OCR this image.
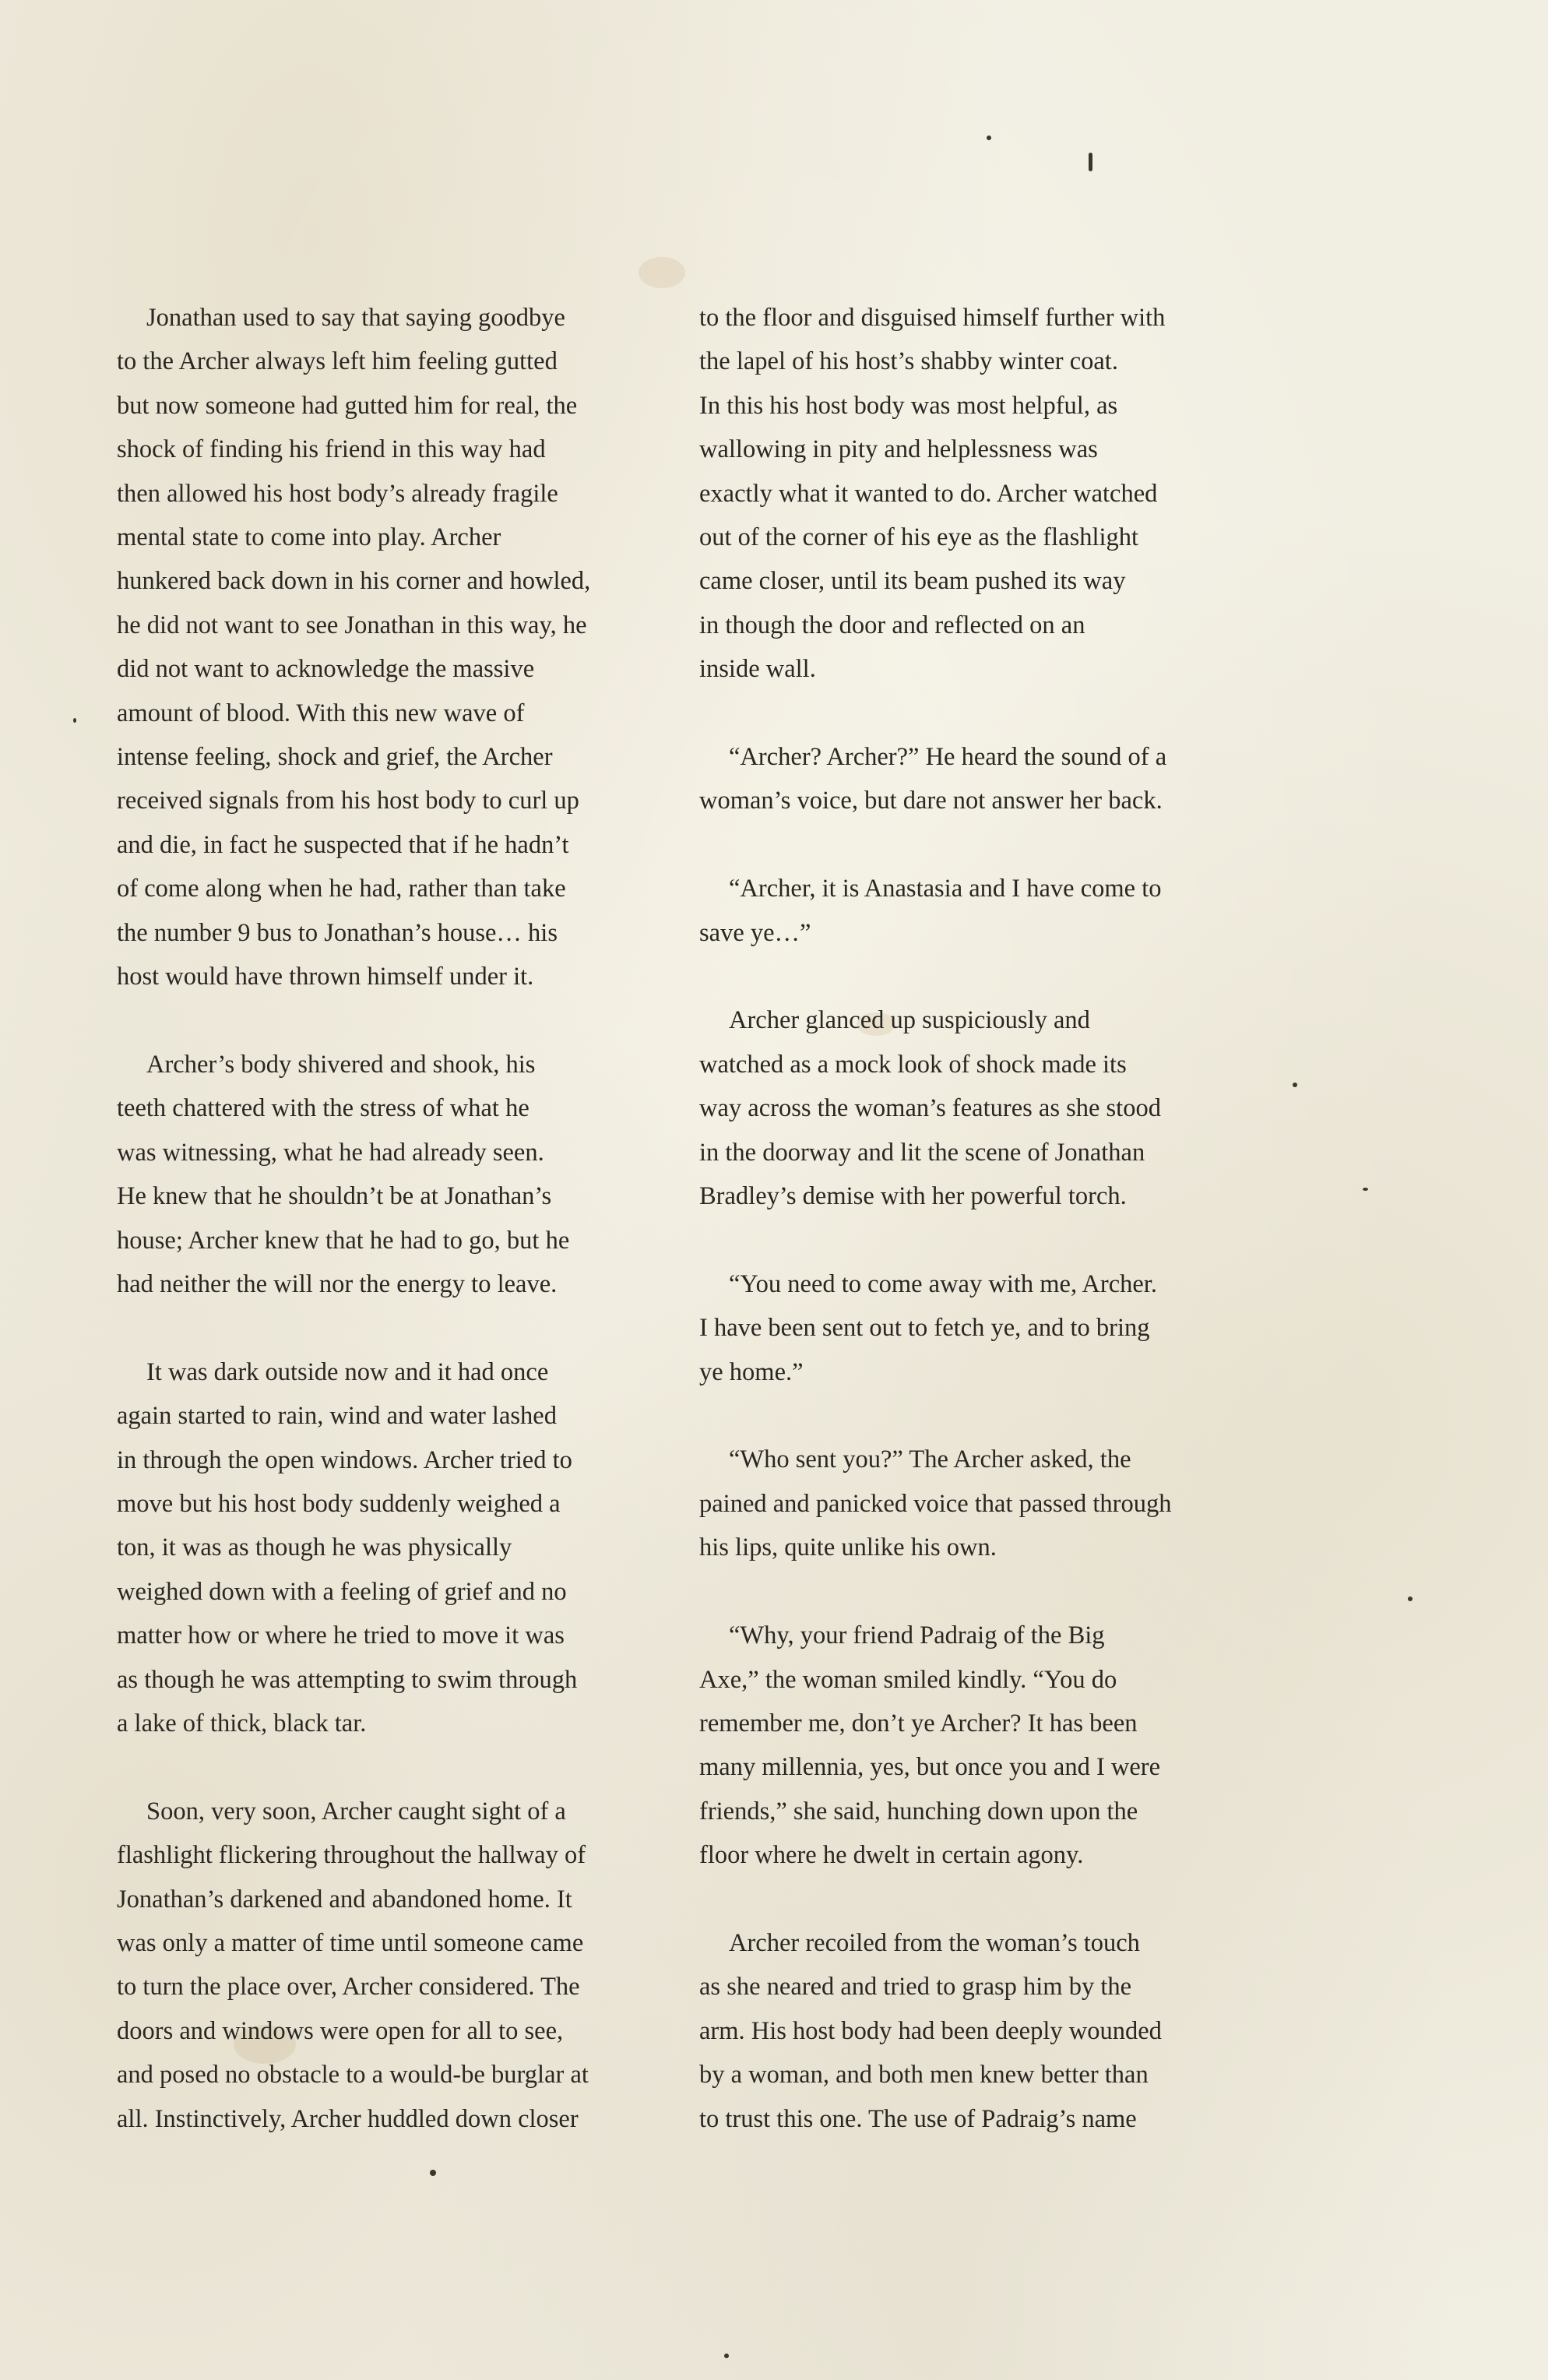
Jonathan used to say that saying goodbye
to the Archer always left him feeling gutted
but now someone had gutted him for real, the
shock of finding his friend in this way had
then allowed his host body’s already fragile
mental state to come into play. Archer
hunkered back down in his corner and howled,
he did not want to see Jonathan in this way, he
did not want to acknowledge the massive
amount of blood. With this new wave of
intense feeling, shock and grief, the Archer
received signals from his host body to curl up
and die, in fact he suspected that if he hadn’t
of come along when he had, rather than take
the number 9 bus to Jonathan’s house… his
host would have thrown himself under it.

Archer’s body shivered and shook, his
teeth chattered with the stress of what he
was witnessing, what he had already seen.
He knew that he shouldn’t be at Jonathan’s
house; Archer knew that he had to go, but he
had neither the will nor the energy to leave.

It was dark outside now and it had once
again started to rain, wind and water lashed
in through the open windows. Archer tried to
move but his host body suddenly weighed a
ton, it was as though he was physically
weighed down with a feeling of grief and no
matter how or where he tried to move it was
as though he was attempting to swim through
a lake of thick, black tar.

Soon, very soon, Archer caught sight of a
flashlight flickering throughout the hallway of
Jonathan’s darkened and abandoned home. It
was only a matter of time until someone came
to turn the place over, Archer considered. The
doors and windows were open for all to see,
and posed no obstacle to a would-be burglar at
all. Instinctively, Archer huddled down closer

to the floor and disguised himself further with
the lapel of his host’s shabby winter coat.
In this his host body was most helpful, as
wallowing in pity and helplessness was
exactly what it wanted to do. Archer watched
out of the corner of his eye as the flashlight
came closer, until its beam pushed its way
in though the door and reflected on an
inside wall.

“Archer? Archer?” He heard the sound of a
woman’s voice, but dare not answer her back.

“Archer, it is Anastasia and I have come to
save ye…”

Archer glanced up suspiciously and
watched as a mock look of shock made its
way across the woman’s features as she stood
in the doorway and lit the scene of Jonathan
Bradley’s demise with her powerful torch.

“You need to come away with me, Archer.
I have been sent out to fetch ye, and to bring
ye home.”

“Who sent you?” The Archer asked, the
pained and panicked voice that passed through
his lips, quite unlike his own.

“Why, your friend Padraig of the Big
Axe,” the woman smiled kindly. “You do
remember me, don’t ye Archer? It has been
many millennia, yes, but once you and I were
friends,” she said, hunching down upon the
floor where he dwelt in certain agony.

Archer recoiled from the woman’s touch
as she neared and tried to grasp him by the
arm. His host body had been deeply wounded
by a woman, and both men knew better than
to trust this one. The use of Padraig’s name
